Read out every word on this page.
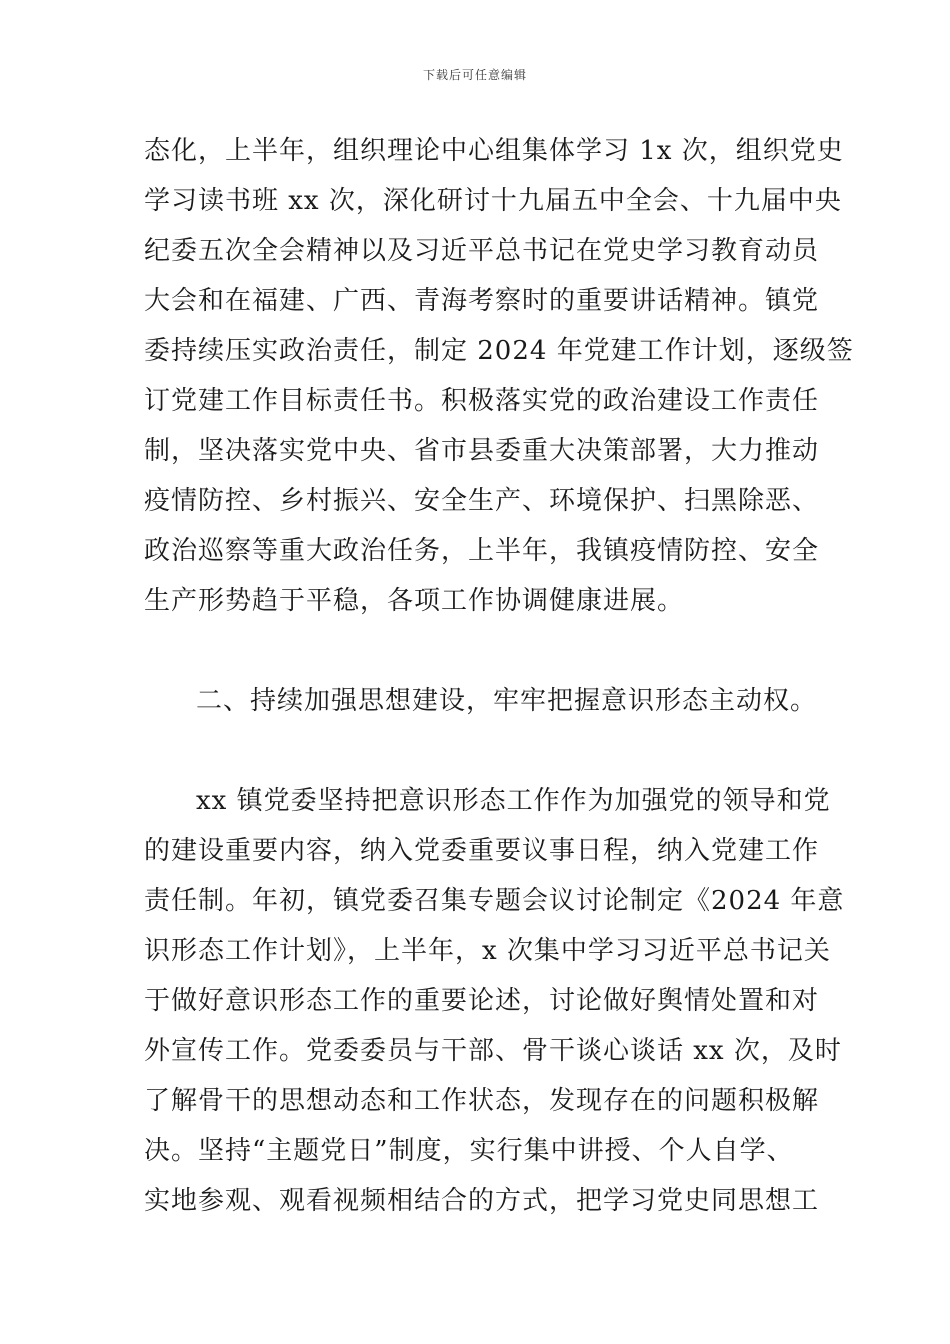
下载后可任意编辑
态化，上半年，组织理论中心组集体学习 1x 次，组织党史
学习读书班 xx 次，深化研讨十九届五中全会、十九届中央
纪委五次全会精神以及习近平总书记在党史学习教育动员
大会和在福建、广西、青海考察时的重要讲话精神。镇党
委持续压实政治责任，制定 2024 年党建工作计划，逐级签
订党建工作目标责任书。积极落实党的政治建设工作责任
制，坚决落实党中央、省市县委重大决策部署，大力推动
疫情防控、乡村振兴、安全生产、环境保护、扫黑除恶、
政治巡察等重大政治任务，上半年，我镇疫情防控、安全
生产形势趋于平稳，各项工作协调健康进展。
二、持续加强思想建设，牢牢把握意识形态主动权。
xx 镇党委坚持把意识形态工作作为加强党的领导和党
的建设重要内容，纳入党委重要议事日程，纳入党建工作
责任制。年初，镇党委召集专题会议讨论制定《2024 年意
识形态工作计划》，上半年，x 次集中学习习近平总书记关
于做好意识形态工作的重要论述，讨论做好舆情处置和对
外宣传工作。党委委员与干部、骨干谈心谈话 xx 次，及时
了解骨干的思想动态和工作状态，发现存在的问题积极解
决。坚持“主题党日”制度，实行集中讲授、个人自学、
实地参观、观看视频相结合的方式，把学习党史同思想工
